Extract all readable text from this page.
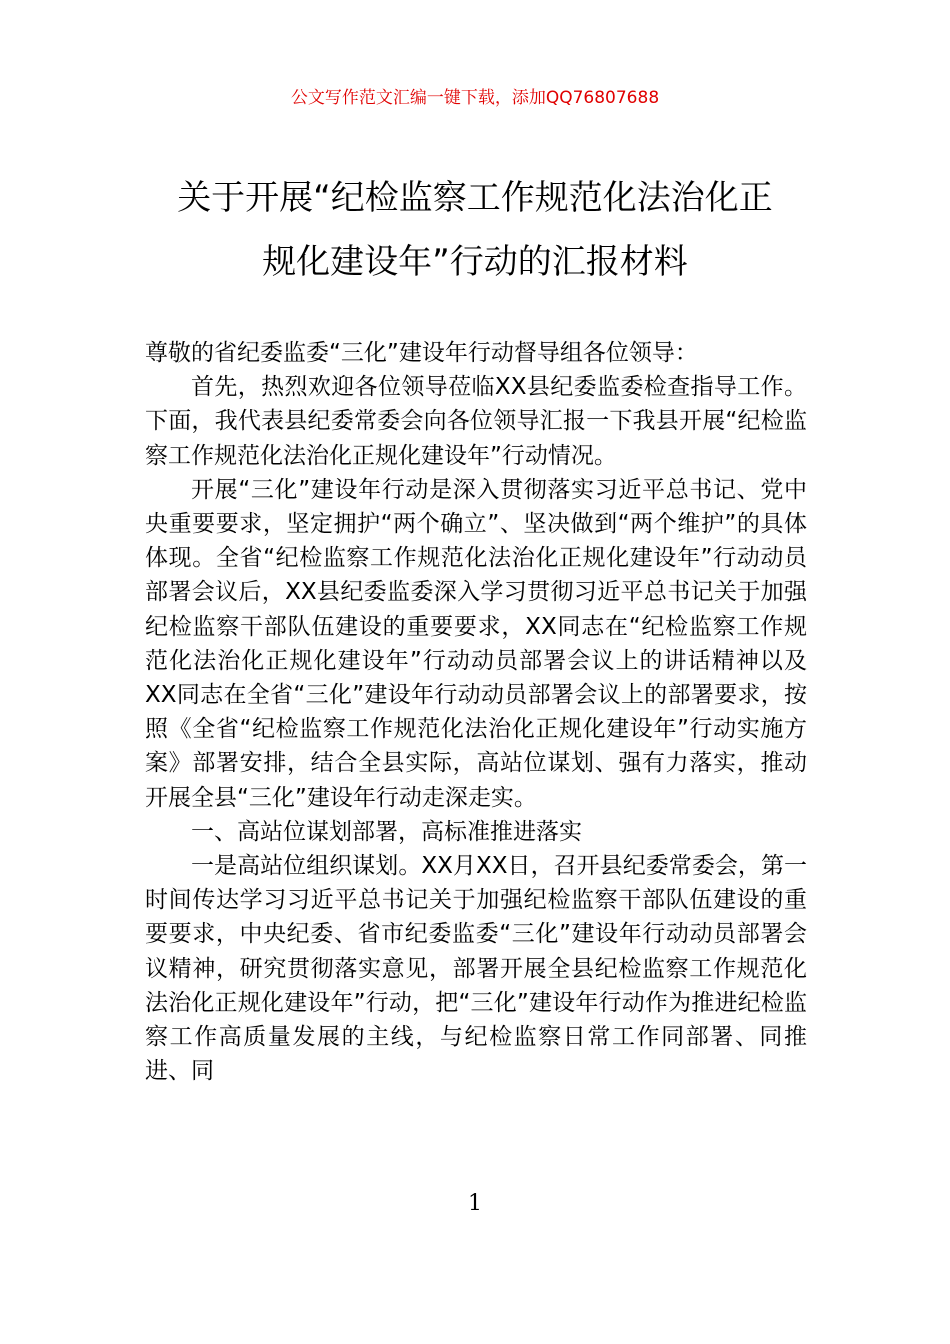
公文写作范文汇编一键下载，添加QQ76807688
关于开展“纪检监察工作规范化法治化正
规化建设年”行动的汇报材料

尊敬的省纪委监委“三化”建设年行动督导组各位领导：

首先，热烈欢迎各位领导莅临XX县纪委监委检查指导工作。下面，我代表县纪委常委会向各位领导汇报一下我县开展“纪检监察工作规范化法治化正规化建设年”行动情况。

开展“三化”建设年行动是深入贯彻落实习近平总书记、党中央重要要求，坚定拥护“两个确立”、坚决做到“两个维护”的具体体现。全省“纪检监察工作规范化法治化正规化建设年”行动动员部署会议后，XX县纪委监委深入学习贯彻习近平总书记关于加强纪检监察干部队伍建设的重要要求，XX同志在“纪检监察工作规范化法治化正规化建设年”行动动员部署会议上的讲话精神以及XX同志在全省“三化”建设年行动动员部署会议上的部署要求，按照《全省“纪检监察工作规范化法治化正规化建设年”行动实施方案》部署安排，结合全县实际，高站位谋划、强有力落实，推动开展全县“三化”建设年行动走深走实。

一、高站位谋划部署，高标准推进落实

一是高站位组织谋划。XX月XX日，召开县纪委常委会，第一时间传达学习习近平总书记关于加强纪检监察干部队伍建设的重要要求，中央纪委、省市纪委监委“三化”建设年行动动员部署会议精神，研究贯彻落实意见，部署开展全县纪检监察工作规范化法治化正规化建设年”行动，把“三化”建设年行动作为推进纪检监察工作高质量发展的主线，与纪检监察日常工作同部署、同推进、同

1
